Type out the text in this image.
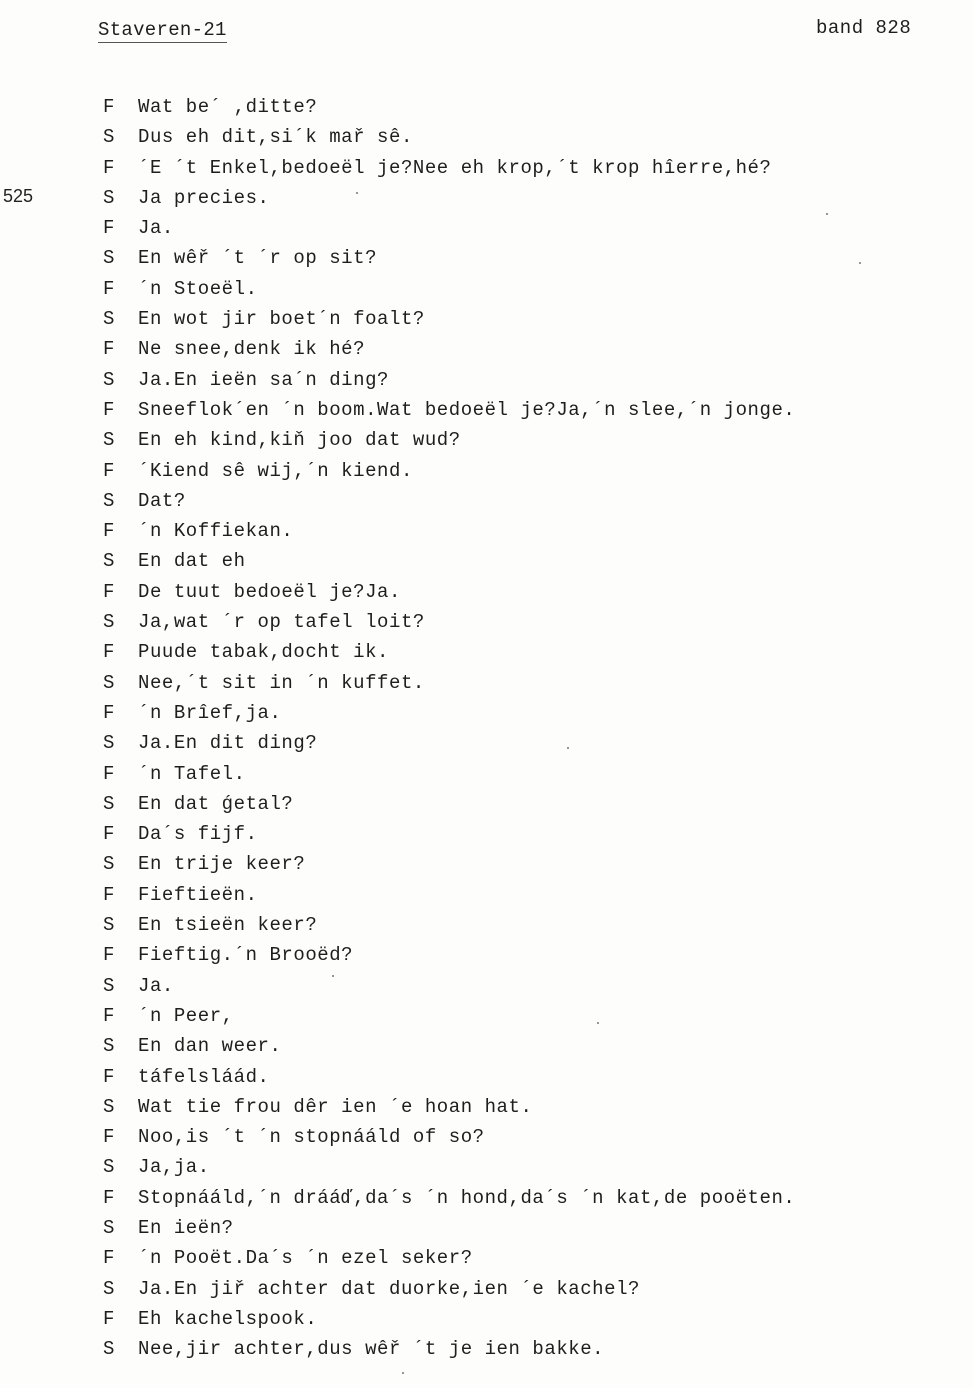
Staveren-21	band 828
525
F Wat be´ ,ditte?
S Dus eh dit,si´k mař sê.
F ´E ´t Enkel,bedoeël je?Nee eh krop,´t krop hîerre,hé?
S Ja precies.
F Ja.
S En wêř ´t ´r op sit?
F ´n Stoeël.
S En wot jir boet´n foalt?
F Ne snee,denk ik hé?
S Ja.En ieën sa´n ding?
F Sneeflok´en ´n boom.Wat bedoeël je?Ja,´n slee,´n jonge.
S En eh kind,kiň joo dat wud?
F ´Kiend sê wij,´n kiend.
S Dat?
F ´n Koffiekan.
S En dat eh
F De tuut bedoeël je?Ja.
S Ja,wat ´r op tafel loit?
F Puude tabak,docht ik.
S Nee,´t sit in ´n kuffet.
F ´n Brîef,ja.
S Ja.En dit ding?
F ´n Tafel.
S En dat ǵetal?
F Da´s fijf.
S En trije keer?
F Fieftieën.
S En tsieën keer?
F Fieftig.´n Brooëd?
S Ja.
F ´n Peer,
S En dan weer.
F táfelsláád.
S Wat tie frou dêr ien ´e hoan hat.
F Noo,is ´t ´n stopnááld of so?
S Ja,ja.
F Stopnááld,´n drááď,da´s ´n hond,da´s ´n kat,de pooëten.
S En ieën?
F ´n Pooët.Da´s ´n ezel seker?
S Ja.En jiř achter dat duorke,ien ´e kachel?
F Eh kachelspook.
S Nee,jir achter,dus wêř ´t je ien bakke.
